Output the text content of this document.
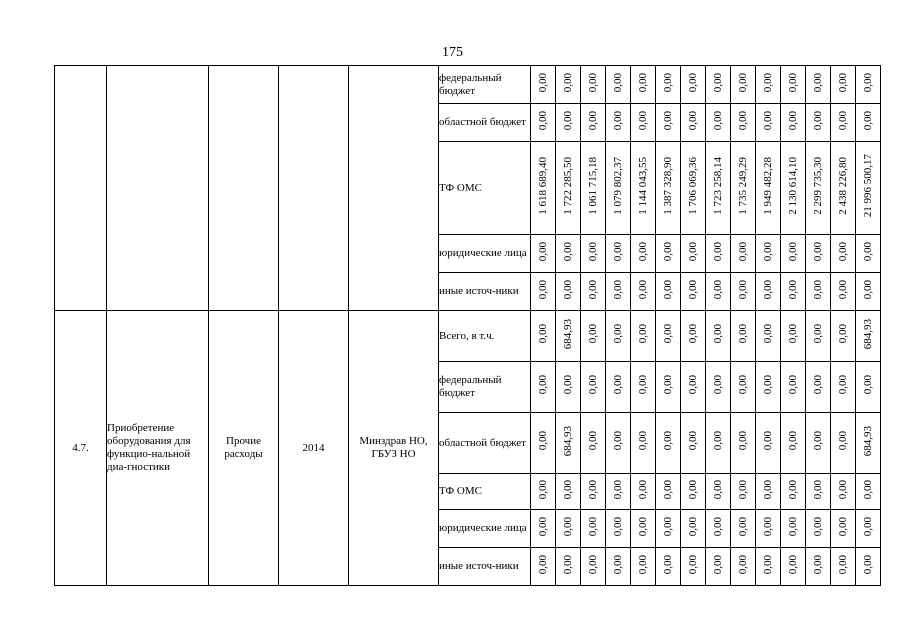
175
					федеральный бюджет	0,00	0,00	0,00	0,00	0,00	0,00	0,00	0,00	0,00	0,00	0,00	0,00	0,00	0,00
					областной бюджет	0,00	0,00	0,00	0,00	0,00	0,00	0,00	0,00	0,00	0,00	0,00	0,00	0,00	0,00
					ТФ ОМС	1 618 689,40	1 722 285,50	1 061 715,18	1 079 802,37	1 144 043,55	1 387 328,90	1 706 069,36	1 723 258,14	1 735 249,29	1 949 482,28	2 130 614,10	2 299 735,30	2 438 226,80	21 996 500,17
					юридические лица	0,00	0,00	0,00	0,00	0,00	0,00	0,00	0,00	0,00	0,00	0,00	0,00	0,00	0,00
					иные источ-ники	0,00	0,00	0,00	0,00	0,00	0,00	0,00	0,00	0,00	0,00	0,00	0,00	0,00	0,00
4.7.	Приобретение оборудования для функцио-нальной диа-гностики	Прочие расходы	2014	Минздрав НО, ГБУЗ НО	Всего, в т.ч.	0,00	684,93	0,00	0,00	0,00	0,00	0,00	0,00	0,00	0,00	0,00	0,00	0,00	684,93
					федеральный бюджет	0,00	0,00	0,00	0,00	0,00	0,00	0,00	0,00	0,00	0,00	0,00	0,00	0,00	0,00
					областной бюджет	0,00	684,93	0,00	0,00	0,00	0,00	0,00	0,00	0,00	0,00	0,00	0,00	0,00	684,93
					ТФ ОМС	0,00	0,00	0,00	0,00	0,00	0,00	0,00	0,00	0,00	0,00	0,00	0,00	0,00	0,00
					юридические лица	0,00	0,00	0,00	0,00	0,00	0,00	0,00	0,00	0,00	0,00	0,00	0,00	0,00	0,00
					иные источ-ники	0,00	0,00	0,00	0,00	0,00	0,00	0,00	0,00	0,00	0,00	0,00	0,00	0,00	0,00
